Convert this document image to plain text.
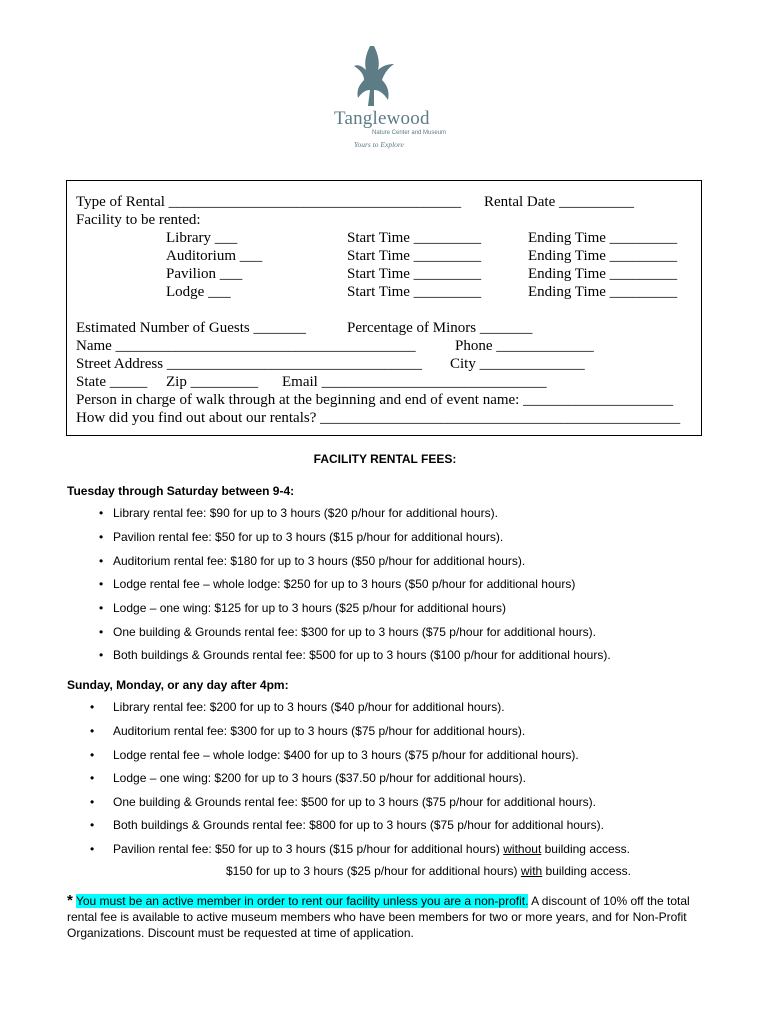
Tanglewood
Nature Center and Museum
Yours to Explore
Type of Rental _______________________________________ Rental Date __________
Facility to be rented:
Library ___	Start Time _________	Ending Time _________
Auditorium ___	Start Time _________	Ending Time _________
Pavilion ___	Start Time _________	Ending Time _________
Lodge ___	Start Time _________	Ending Time _________
Estimated Number of Guests _______	Percentage of Minors _______
Name ________________________________________	Phone _____________
Street Address __________________________________ City ______________
State _____ Zip _________ Email ______________________________
Person in charge of walk through at the beginning and end of event name: ____________________
How did you find out about our rentals? ________________________________________________
FACILITY RENTAL FEES:
Tuesday through Saturday between 9-4:
• Library rental fee: $90 for up to 3 hours ($20 p/hour for additional hours).
• Pavilion rental fee: $50 for up to 3 hours ($15 p/hour for additional hours).
• Auditorium rental fee: $180 for up to 3 hours ($50 p/hour for additional hours).
• Lodge rental fee – whole lodge: $250 for up to 3 hours ($50 p/hour for additional hours)
• Lodge – one wing: $125 for up to 3 hours ($25 p/hour for additional hours)
• One building & Grounds rental fee: $300 for up to 3 hours ($75 p/hour for additional hours).
• Both buildings & Grounds rental fee: $500 for up to 3 hours ($100 p/hour for additional hours).
Sunday, Monday, or any day after 4pm:
• Library rental fee: $200 for up to 3 hours ($40 p/hour for additional hours).
• Auditorium rental fee: $300 for up to 3 hours ($75 p/hour for additional hours).
• Lodge rental fee – whole lodge: $400 for up to 3 hours ($75 p/hour for additional hours).
• Lodge – one wing: $200 for up to 3 hours ($37.50 p/hour for additional hours).
• One building & Grounds rental fee: $500 for up to 3 hours ($75 p/hour for additional hours).
• Both buildings & Grounds rental fee: $800 for up to 3 hours ($75 p/hour for additional hours).
• Pavilion rental fee: $50 for up to 3 hours ($15 p/hour for additional hours) without building access.
$150 for up to 3 hours ($25 p/hour for additional hours) with building access.
* You must be an active member in order to rent our facility unless you are a non-profit. A discount of 10% off the total rental fee is available to active museum members who have been members for two or more years, and for Non-Profit Organizations. Discount must be requested at time of application.
